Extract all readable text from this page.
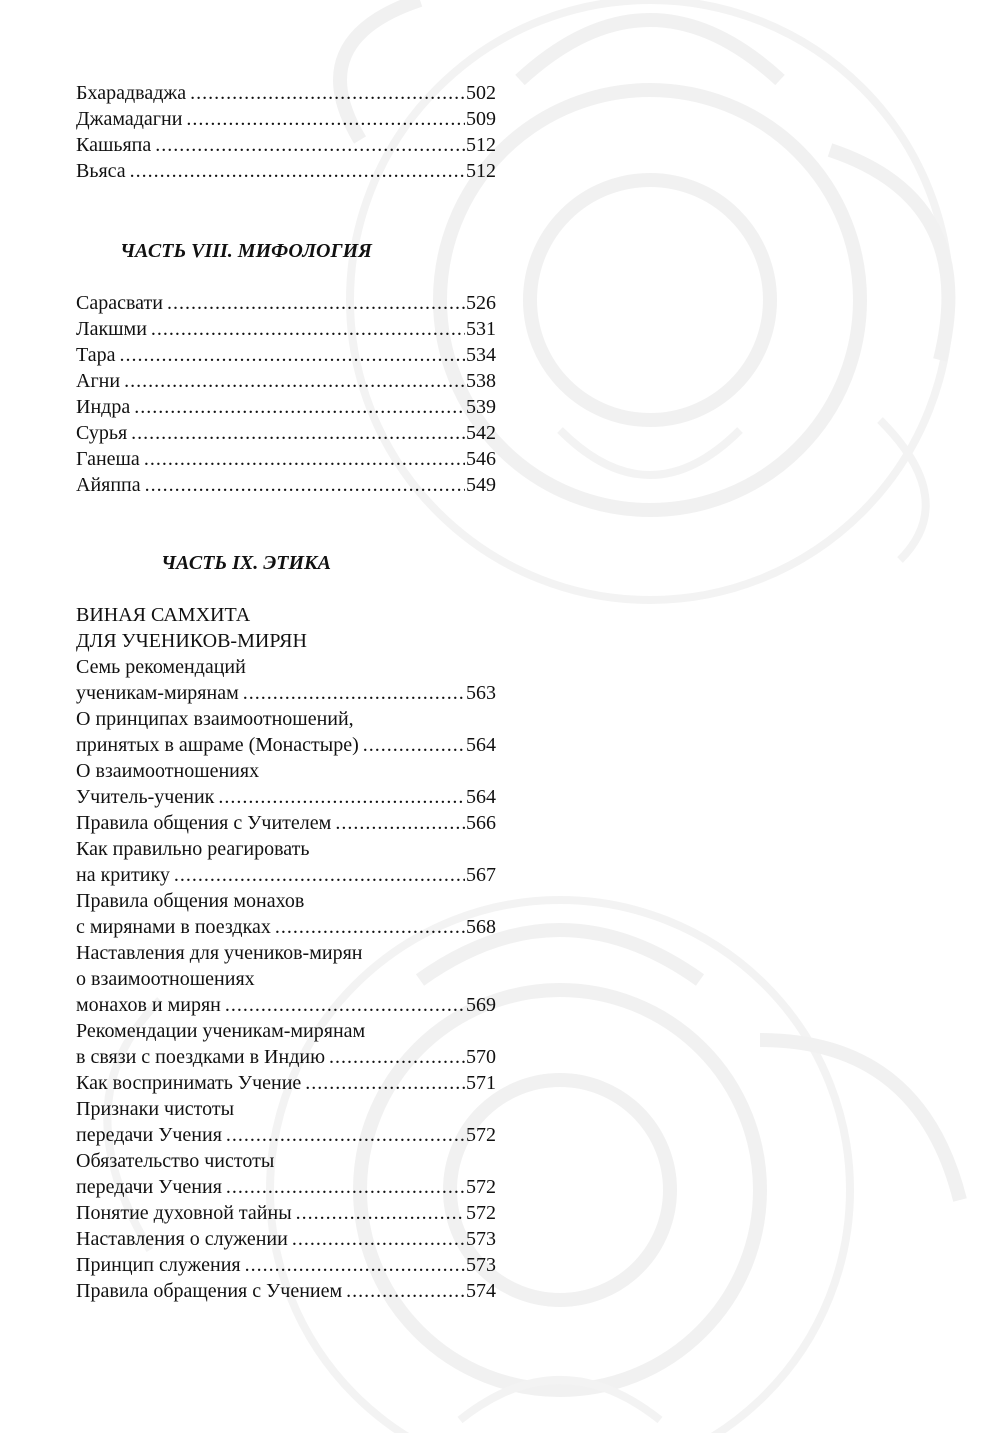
Бхарадваджа .....	502
Джамадагни .....	509
Кашьяпа .....	512
Вьяса .....	512
ЧАСТЬ VIII. МИФОЛОГИЯ
Сарасвати .....	526
Лакшми .....	531
Тара .....	534
Агни .....	538
Индра .....	539
Сурья .....	542
Ганеша .....	546
Айяппа .....	549
ЧАСТЬ IX. ЭТИКА
ВИНАЯ САМХИТА
ДЛЯ УЧЕНИКОВ-МИРЯН
Семь рекомендаций
ученикам-мирянам .....	563
О принципах взаимоотношений,
принятых в ашраме (Монастыре) .....	564
О взаимоотношениях
Учитель-ученик .....	564
Правила общения с Учителем .....	566
Как правильно реагировать
на критику .....	567
Правила общения монахов
с мирянами в поездках .....	568
Наставления для учеников-мирян
о взаимоотношениях
монахов и мирян .....	569
Рекомендации ученикам-мирянам
в связи с поездками в Индию .....	570
Как воспринимать Учение .....	571
Признаки чистоты
передачи Учения .....	572
Обязательство чистоты
передачи Учения .....	572
Понятие духовной тайны .....	572
Наставления о служении .....	573
Принцип служения .....	573
Правила обращения с Учением .....	574
